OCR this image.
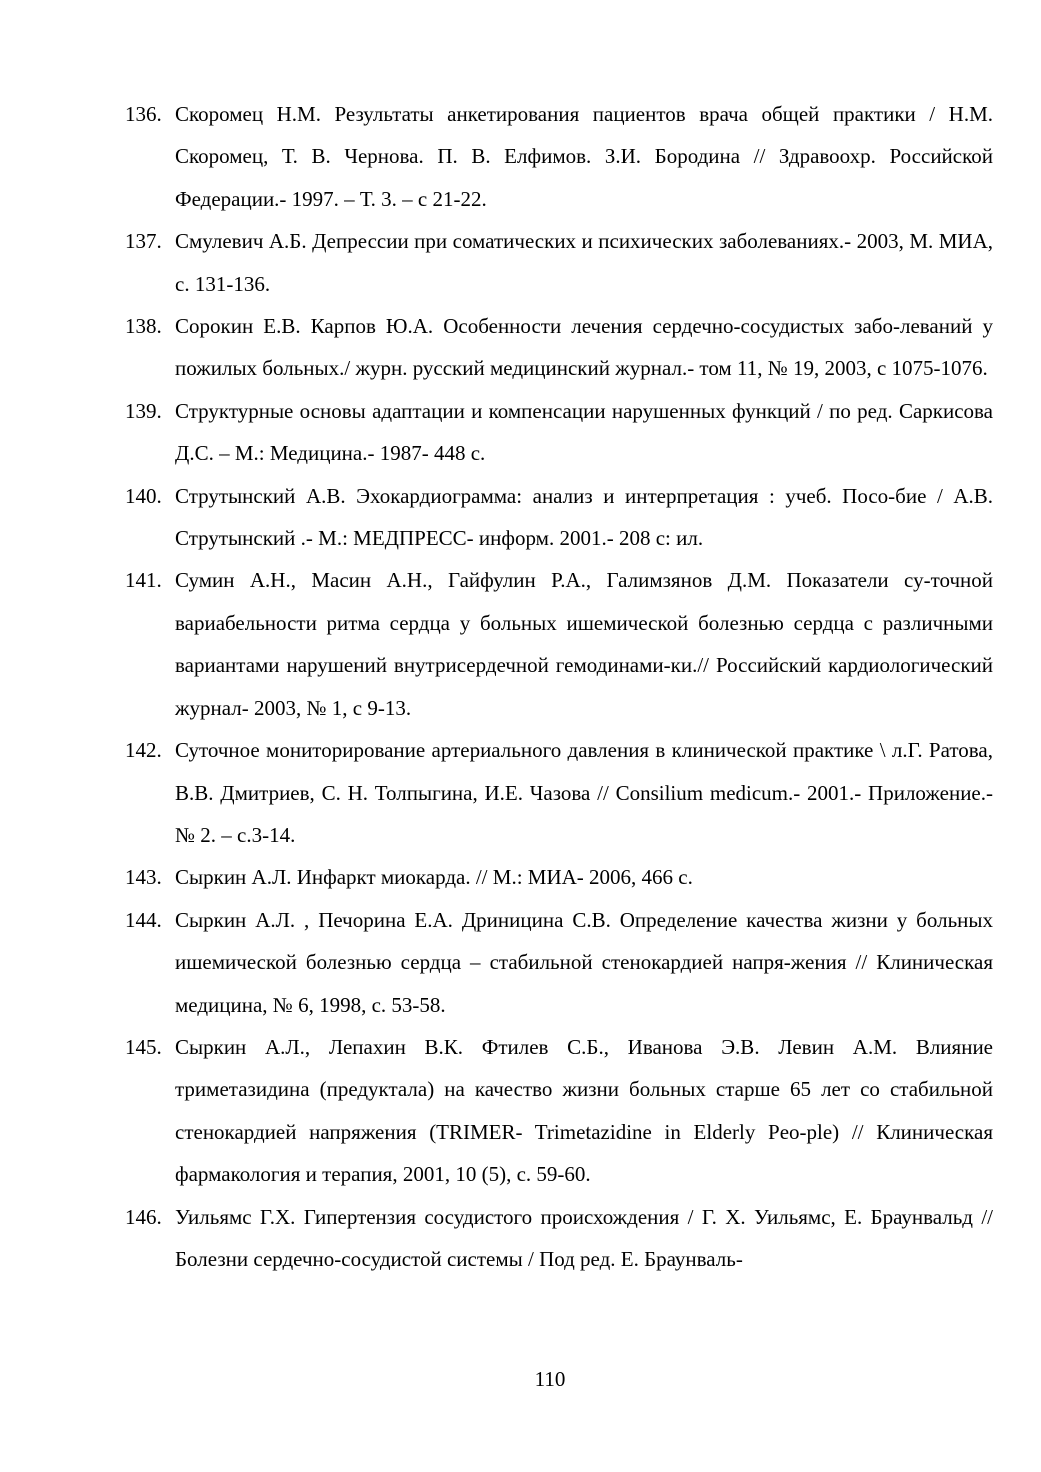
136. Скоромец Н.М. Результаты анкетирования пациентов врача общей практики / Н.М. Скоромец, Т. В. Чернова. П. В. Елфимов. З.И. Бородина // Здравоохр. Российской Федерации.- 1997. – Т. 3. – с 21-22.
137. Смулевич А.Б. Депрессии при соматических и психических заболеваниях.- 2003, М. МИА, с. 131-136.
138. Сорокин Е.В. Карпов Ю.А. Особенности лечения сердечно-сосудистых забо-леваний у пожилых больных./ журн. русский медицинский журнал.- том 11, № 19, 2003, с 1075-1076.
139. Структурные основы адаптации и компенсации нарушенных функций / по ред. Саркисова Д.С. – М.: Медицина.- 1987- 448 с.
140. Струтынский А.В. Эхокардиограмма: анализ и интерпретация : учеб. Посо-бие / А.В. Струтынский .- М.: МЕДПРЕСС- информ. 2001.- 208 с: ил.
141. Сумин А.Н., Масин А.Н., Гайфулин Р.А., Галимзянов Д.М. Показатели су-точной вариабельности ритма сердца у больных ишемической болезнью сердца с различными вариантами нарушений внутрисердечной гемодинами-ки.// Российский кардиологический журнал- 2003, № 1, с 9-13.
142. Суточное мониторирование артериального давления в клинической практике \ л.Г. Ратова, В.В. Дмитриев, С. Н. Толпыгина, И.Е. Чазова // Consilium medicum.- 2001.- Приложение.- № 2. – с.3-14.
143. Сыркин А.Л. Инфаркт миокарда. // М.: МИА- 2006, 466 с.
144. Сыркин А.Л. , Печорина Е.А. Дриницина С.В. Определение качества жизни у больных ишемической болезнью сердца – стабильной стенокардией напря-жения // Клиническая медицина, № 6, 1998, с. 53-58.
145. Сыркин А.Л., Лепахин В.К. Фтилев С.Б., Иванова Э.В. Левин А.М. Влияние триметазидина (предуктала) на качество жизни больных старше 65 лет со стабильной стенокардией напряжения (TRIMER- Trimetazidine in Elderly Peo-ple) // Клиническая фармакология и терапия, 2001, 10 (5), с. 59-60.
146. Уильямс Г.Х. Гипертензия сосудистого происхождения / Г. Х. Уильямс, Е. Браунвальд // Болезни сердечно-сосудистой системы / Под ред. Е. Браунваль-
110
